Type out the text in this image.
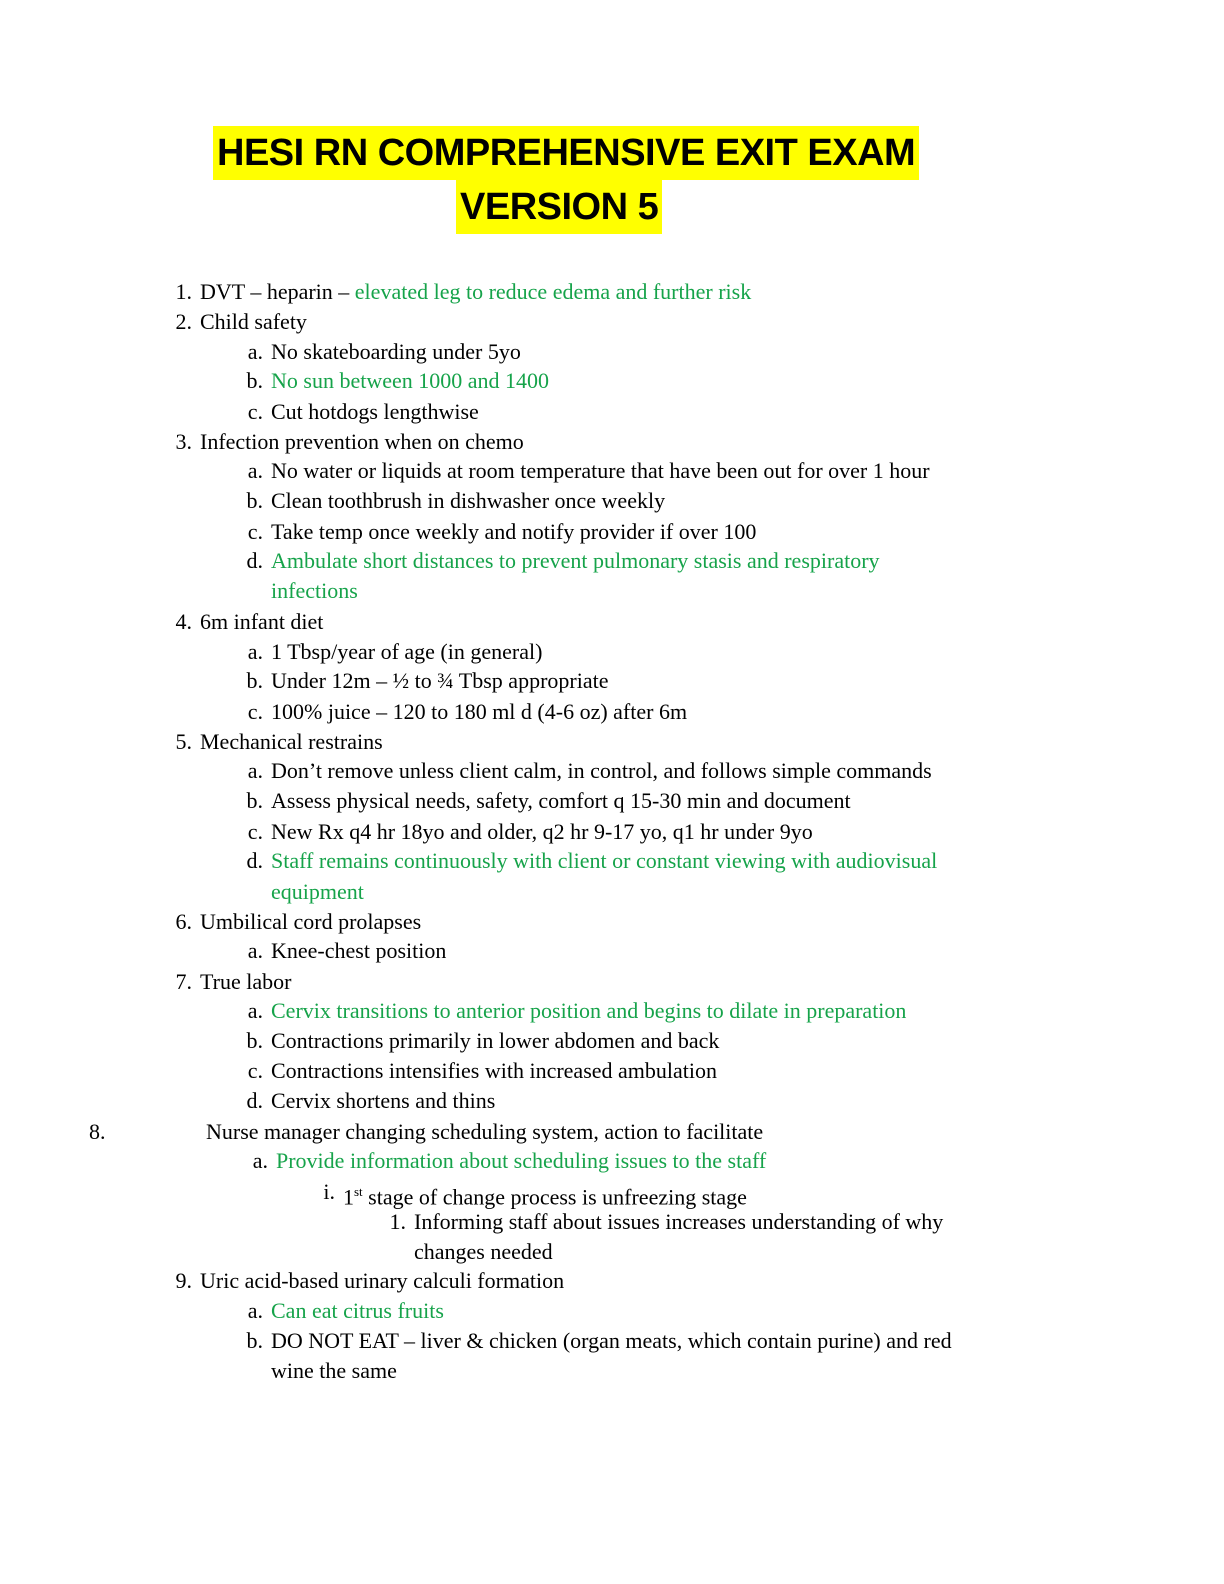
HESI RN COMPREHENSIVE EXIT EXAM
VERSION 5
1. DVT – heparin – elevated leg to reduce edema and further risk
2. Child safety
a. No skateboarding under 5yo
b. No sun between 1000 and 1400
c. Cut hotdogs lengthwise
3. Infection prevention when on chemo
a. No water or liquids at room temperature that have been out for over 1 hour
b. Clean toothbrush in dishwasher once weekly
c. Take temp once weekly and notify provider if over 100
d. Ambulate short distances to prevent pulmonary stasis and respiratory
infections
4. 6m infant diet
a. 1 Tbsp/year of age (in general)
b. Under 12m – ½ to ¾ Tbsp appropriate
c. 100% juice – 120 to 180 ml d (4-6 oz) after 6m
5. Mechanical restrains
a. Don’t remove unless client calm, in control, and follows simple commands
b. Assess physical needs, safety, comfort q 15-30 min and document
c. New Rx q4 hr 18yo and older, q2 hr 9-17 yo, q1 hr under 9yo
d. Staff remains continuously with client or constant viewing with audiovisual
equipment
6. Umbilical cord prolapses
a. Knee-chest position
7. True labor
a. Cervix transitions to anterior position and begins to dilate in preparation
b. Contractions primarily in lower abdomen and back
c. Contractions intensifies with increased ambulation
d. Cervix shortens and thins
8.	Nurse manager changing scheduling system, action to facilitate
a. Provide information about scheduling issues to the staff
i. 1st stage of change process is unfreezing stage
1. Informing staff about issues increases understanding of why
changes needed
9. Uric acid-based urinary calculi formation
a. Can eat citrus fruits
b. DO NOT EAT – liver & chicken (organ meats, which contain purine) and red
wine the same
